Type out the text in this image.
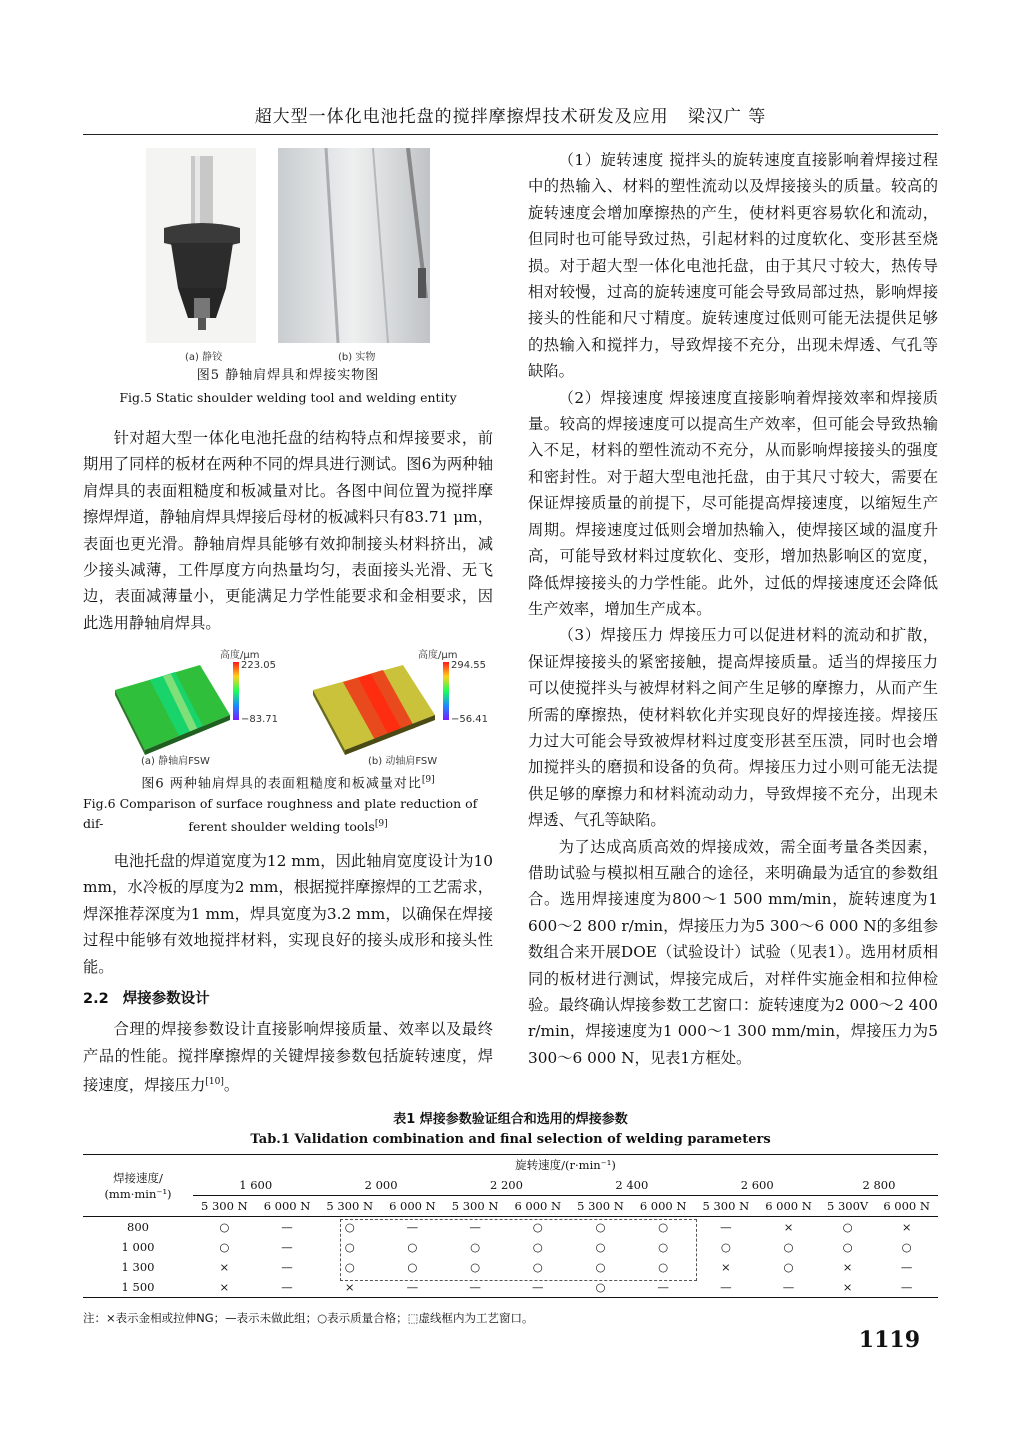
超大型一体化电池托盘的搅拌摩擦焊技术研发及应用 梁汉广 等
(a) 静铰	(b) 实物
图5 静轴肩焊具和焊接实物图
Fig.5 Static shoulder welding tool and welding entity

针对超大型一体化电池托盘的结构特点和焊接要求，前期用了同样的板材在两种不同的焊具进行测试。图6为两种轴肩焊具的表面粗糙度和板减量对比。各图中间位置为搅拌摩擦焊焊道，静轴肩焊具焊接后母材的板减料只有83.71 μm，表面也更光滑。静轴肩焊具能够有效抑制接头材料挤出，减少接头减薄，工件厚度方向热量均匀，表面接头光滑、无飞边，表面减薄量小，更能满足力学性能要求和金相要求，因此选用静轴肩焊具。

高度/μm
223.05
−83.71
高度/μm
294.55
−56.41
(a) 静轴肩FSW	(b) 动轴肩FSW
图6 两种轴肩焊具的表面粗糙度和板减量对比[9]
Fig.6 Comparison of surface roughness and plate reduction of dif-	ferent shoulder welding tools[9]

电池托盘的焊道宽度为12 mm，因此轴肩宽度设计为10 mm，水冷板的厚度为2 mm，根据搅拌摩擦焊的工艺需求，焊深推荐深度为1 mm，焊具宽度为3.2 mm，以确保在焊接过程中能够有效地搅拌材料，实现良好的接头成形和接头性能。

2.2 焊接参数设计

合理的焊接参数设计直接影响焊接质量、效率以及最终产品的性能。搅拌摩擦焊的关键焊接参数包括旋转速度，焊接速度，焊接压力[10]。

（1）旋转速度 搅拌头的旋转速度直接影响着焊接过程中的热输入、材料的塑性流动以及焊接接头的质量。较高的旋转速度会增加摩擦热的产生，使材料更容易软化和流动，但同时也可能导致过热，引起材料的过度软化、变形甚至烧损。对于超大型一体化电池托盘，由于其尺寸较大，热传导相对较慢，过高的旋转速度可能会导致局部过热，影响焊接接头的性能和尺寸精度。旋转速度过低则可能无法提供足够的热输入和搅拌力，导致焊接不充分，出现未焊透、气孔等缺陷。

（2）焊接速度 焊接速度直接影响着焊接效率和焊接质量。较高的焊接速度可以提高生产效率，但可能会导致热输入不足，材料的塑性流动不充分，从而影响焊接接头的强度和密封性。对于超大型电池托盘，由于其尺寸较大，需要在保证焊接质量的前提下，尽可能提高焊接速度，以缩短生产周期。焊接速度过低则会增加热输入，使焊接区域的温度升高，可能导致材料过度软化、变形，增加热影响区的宽度，降低焊接接头的力学性能。此外，过低的焊接速度还会降低生产效率，增加生产成本。

（3）焊接压力 焊接压力可以促进材料的流动和扩散，保证焊接接头的紧密接触，提高焊接质量。适当的焊接压力可以使搅拌头与被焊材料之间产生足够的摩擦力，从而产生所需的摩擦热，使材料软化并实现良好的焊接连接。焊接压力过大可能会导致被焊材料过度变形甚至压溃，同时也会增加搅拌头的磨损和设备的负荷。焊接压力过小则可能无法提供足够的摩擦力和材料流动动力，导致焊接不充分，出现未焊透、气孔等缺陷。

为了达成高质高效的焊接成效，需全面考量各类因素，借助试验与模拟相互融合的途径，来明确最为适宜的参数组合。选用焊接速度为800～1 500 mm/min，旋转速度为1 600～2 800 r/min，焊接压力为5 300～6 000 N的多组参数组合来开展DOE（试验设计）试验（见表1）。选用材质相同的板材进行测试，焊接完成后，对样件实施金相和拉伸检验。最终确认焊接参数工艺窗口：旋转速度为2 000～2 400 r/min，焊接速度为1 000～1 300 mm/min，焊接压力为5 300～6 000 N，见表1方框处。

表1 焊接参数验证组合和选用的焊接参数
Tab.1 Validation combination and final selection of welding parameters
焊接速度/
(mm·min⁻¹)	旋转速度/(r·min⁻¹)											
	1 600		2 000		2 200		2 400		2 600		2 800	
	5 300 N	6 000 N	5 300 N	6 000 N	5 300 N	6 000 N	5 300 N	6 000 N	5 300 N	6 000 N	5 300V	6 000 N
800	○	—	○	—	—	○	○	○	—	×	○	×
1 000	○	—	○	○	○	○	○	○	○	○	○	○
1 300	×	—	○	○	○	○	○	○	×	○	×	—
1 500	×	—	×	—	—	—	○	—	—	—	×	—
注：×表示金相或拉伸NG；—表示未做此组；○表示质量合格；⬚虚线框内为工艺窗口。
1119
